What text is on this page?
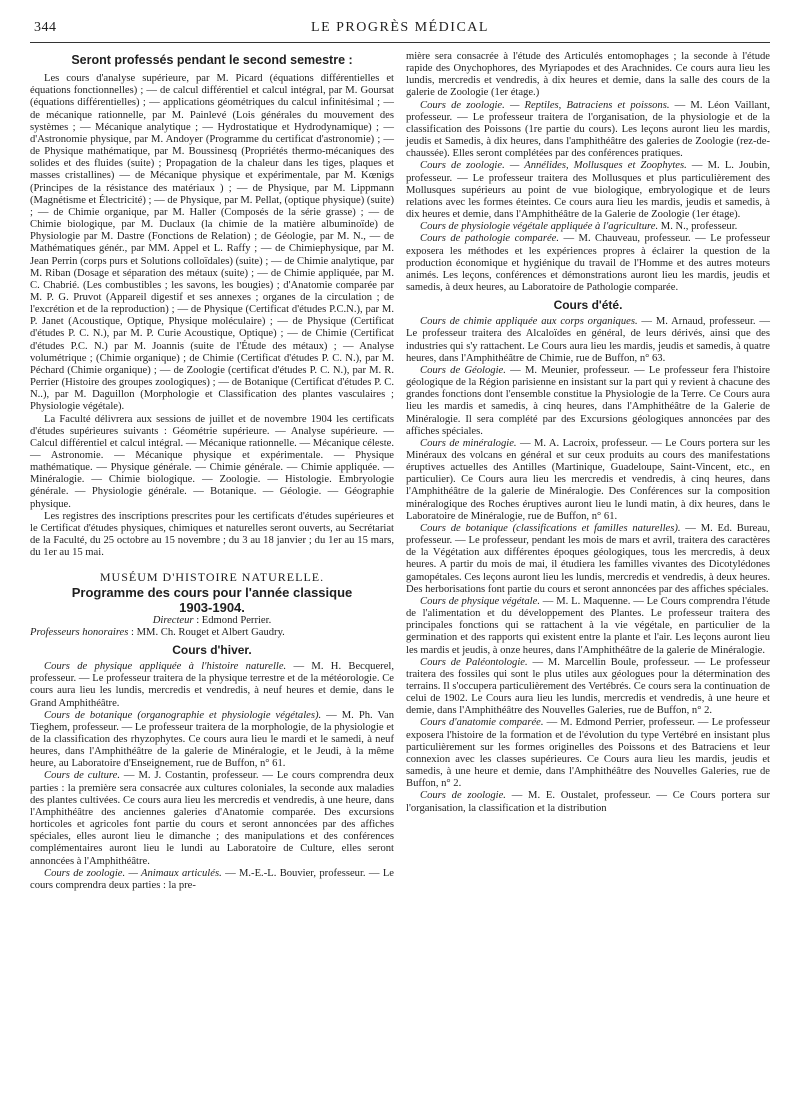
344	LE PROGRÈS MÉDICAL
Seront professés pendant le second semestre :

Les cours d'analyse supérieure, par M. Picard (équations différentielles et équations fonctionnelles) ; — de calcul différentiel et calcul intégral, par M. Goursat (équations différentielles) ; — applications géométriques du calcul infinitésimal ; — de mécanique rationnelle, par M. Painlevé (Lois générales du mouvement des systèmes ; — Mécanique analytique ; — Hydrostatique et Hydrodynamique) ; — d'Astronomie physique, par M. Andoyer (Programme du certificat d'astronomie) ; — de Physique mathématique, par M. Boussinesq (Propriétés thermo-mécaniques des solides et des fluides (suite) ; Propagation de la chaleur dans les tiges, plaques et masses cristallines) — de Mécanique physique et expérimentale, par M. Kœnigs (Principes de la résistance des matériaux ) ; — de Physique, par M. Lippmann (Magnétisme et Électricité) ; — de Physique, par M. Pellat, (optique physique) (suite) ; — de Chimie organique, par M. Haller (Composés de la série grasse) ; — de Chimie biologique, par M. Duclaux (la chimie de la matière albuminoïde) de Physiologie par M. Dastre (Fonctions de Relation) ; de Géologie, par M. N., — de Mathématiques génér., par MM. Appel et L. Raffy ; — de Chimiephysique, par M. Jean Perrin (corps purs et Solutions colloïdales) (suite) ; — de Chimie analytique, par M. Riban (Dosage et séparation des métaux (suite) ; — de Chimie appliquée, par M. C. Chabrié. (Les combustibles ; les savons, les bougies) ; d'Anatomie comparée par M. P. G. Pruvot (Appareil digestif et ses annexes ; organes de la circulation ; de l'excrétion et de la reproduction) ; — de Physique (Certificat d'études P.C.N.), par M. P. Janet (Acoustique, Optique, Physique moléculaire) ; — de Physique (Certificat d'études P. C. N.), par M. P. Curie Acoustique, Optique) ; — de Chimie (Certificat d'études P.C. N.) par M. Joannis (suite de l'Étude des métaux) ; — Analyse volumétrique ; (Chimie organique) ; de Chimie (Certificat d'études P. C. N.), par M. Péchard (Chimie organique) ; — de Zoologie (certificat d'études P. C. N.), par M. R. Perrier (Histoire des groupes zoologiques) ; — de Botanique (Certificat d'études P. C. N..), par M. Daguillon (Morphologie et Classification des plantes vasculaires ; Physiologie végétale).

La Faculté délivrera aux sessions de juillet et de novembre 1904 les certificats d'études supérieures suivants : Géométrie supérieure. — Analyse supérieure. — Calcul différentiel et calcul intégral. — Mécanique rationnelle. — Mécanique céleste. — Astronomie. — Mécanique physique et expérimentale. — Physique mathématique. — Physique générale. — Chimie générale. — Chimie appliquée. — Minéralogie. — Chimie biologique. — Zoologie. — Histologie. Embryologie générale. — Physiologie générale. — Botanique. — Géologie. — Géographie physique.

Les registres des inscriptions prescrites pour les certificats d'études supérieures et le Certificat d'études physiques, chimiques et naturelles seront ouverts, au Secrétariat de la Faculté, du 25 octobre au 15 novembre ; du 3 au 18 janvier ; du 1er au 15 mars, du 1er au 15 mai.

MUSÉUM D'HISTOIRE NATURELLE.
Programme des cours pour l'année classique
1903-1904.

Directeur : Edmond Perrier.

Professeurs honoraires : MM. Ch. Rouget et Albert Gaudry.

Cours d'hiver.

Cours de physique appliquée à l'histoire naturelle. — M. H. Becquerel, professeur. — Le professeur traitera de la physique terrestre et de la météorologie. Ce cours aura lieu les lundis, mercredis et vendredis, à neuf heures et demie, dans le Grand Amphithéâtre.

Cours de botanique (organographie et physiologie végétales). — M. Ph. Van Tieghem, professeur. — Le professeur traitera de la morphologie, de la physiologie et de la classification des rhyzophytes. Ce cours aura lieu le mardi et le samedi, à neuf heures, dans l'Amphithéâtre de la galerie de Minéralogie, et le Jeudi, à la même heure, au Laboratoire d'Enseignement, rue de Buffon, n° 61.

Cours de culture. — M. J. Costantin, professeur. — Le cours comprendra deux parties : la première sera consacrée aux cultures coloniales, la seconde aux maladies des plantes cultivées. Ce cours aura lieu les mercredis et vendredis, à une heure, dans l'Amphithéâtre des anciennes galeries d'Anatomie comparée. Des excursions horticoles et agricoles font partie du cours et seront annoncées par des affiches spéciales, elles auront lieu le dimanche ; des manipulations et des conférences complémentaires auront lieu le lundi au Laboratoire de Culture, elles seront annoncées à l'Amphithéâtre.

Cours de zoologie. — Animaux articulés. — M.-E.-L. Bouvier, professeur. — Le cours comprendra deux parties : la pre-

mière sera consacrée à l'étude des Articulés entomophages ; la seconde à l'étude rapide des Onychophores, des Myriapodes et des Arachnides. Ce cours aura lieu les lundis, mercredis et vendredis, à dix heures et demie, dans la salle des cours de la galerie de Zoologie (1er étage.)

Cours de zoologie. — Reptiles, Batraciens et poissons. — M. Léon Vaillant, professeur. — Le professeur traitera de l'organisation, de la physiologie et de la classification des Poissons (1re partie du cours). Les leçons auront lieu les mardis, jeudis et Samedis, à dix heures, dans l'amphithéâtre des galeries de Zoologie (rez-de-chaussée). Elles seront complétées par des conférences pratiques.

Cours de zoologie. — Annélides, Mollusques et Zoophytes. — M. L. Joubin, professeur. — Le professeur traitera des Mollusques et plus particulièrement des Mollusques supérieurs au point de vue biologique, embryologique et de leurs relations avec les formes éteintes. Ce cours aura lieu les mardis, jeudis et samedis, à dix heures et demie, dans l'Amphithéâtre de la Galerie de Zoologie (1er étage).

Cours de physiologie végétale appliquée à l'agriculture. M. N., professeur.

Cours de pathologie comparée. — M. Chauveau, professeur. — Le professeur exposera les méthodes et les expériences propres à éclairer la question de la production économique et hygiénique du travail de l'Homme et des autres moteurs animés. Les leçons, conférences et démonstrations auront lieu les mardis, jeudis et samedis, à deux heures, au Laboratoire de Pathologie comparée.

Cours d'été.

Cours de chimie appliquée aux corps organiques. — M. Arnaud, professeur. — Le professeur traitera des Alcaloïdes en général, de leurs dérivés, ainsi que des industries qui s'y rattachent. Le Cours aura lieu les mardis, jeudis et samedis, à quatre heures, dans l'Amphithéâtre de Chimie, rue de Buffon, n° 63.

Cours de Géologie. — M. Meunier, professeur. — Le professeur fera l'histoire géologique de la Région parisienne en insistant sur la part qui y revient à chacune des grandes fonctions dont l'ensemble constitue la Physiologie de la Terre. Ce Cours aura lieu les mardis et samedis, à cinq heures, dans l'Amphithéâtre de la Galerie de Minéralogie. Il sera complété par des Excursions géologiques annoncées par des affiches spéciales.

Cours de minéralogie. — M. A. Lacroix, professeur. — Le Cours portera sur les Minéraux des volcans en général et sur ceux produits au cours des manifestations éruptives actuelles des Antilles (Martinique, Guadeloupe, Saint-Vincent, etc., en particulier). Ce Cours aura lieu les mercredis et vendredis, à cinq heures, dans l'Amphithéâtre de la galerie de Minéralogie. Des Conférences sur la composition minéralogique des Roches éruptives auront lieu le lundi matin, à dix heures, dans le Laboratoire de Minéralogie, rue de Buffon, n° 61.

Cours de botanique (classifications et familles naturelles). — M. Ed. Bureau, professeur. — Le professeur, pendant les mois de mars et avril, traitera des caractères de la Végétation aux différentes époques géologiques, tous les mercredis, à deux heures. A partir du mois de mai, il étudiera les familles vivantes des Dicotylédones gamopétales. Ces leçons auront lieu les lundis, mercredis et vendredis, à deux heures. Des herborisations font partie du cours et seront annoncées par des affiches spéciales.

Cours de physique végétale. — M. L. Maquenne. — Le Cours comprendra l'étude de l'alimentation et du développement des Plantes. Le professeur traitera des principales fonctions qui se rattachent à la vie végétale, en particulier de la germination et des rapports qui existent entre la plante et l'air. Les leçons auront lieu les mardis et jeudis, à onze heures, dans l'Amphithéâtre de la galerie de Minéralogie.

Cours de Paléontologie. — M. Marcellin Boule, professeur. — Le professeur traitera des fossiles qui sont le plus utiles aux géologues pour la détermination des terrains. Il s'occupera particulièrement des Vertébrés. Ce cours sera la continuation de celui de 1902. Le Cours aura lieu les lundis, mercredis et vendredis, à une heure et demie, dans l'Amphithéâtre des Nouvelles Galeries, rue de Buffon, n° 2.

Cours d'anatomie comparée. — M. Edmond Perrier, professeur. — Le professeur exposera l'histoire de la formation et de l'évolution du type Vertébré en insistant plus particulièrement sur les formes originelles des Poissons et des Batraciens et leur connexion avec les classes supérieures. Ce Cours aura lieu les mardis, jeudis et samedis, à une heure et demie, dans l'Amphithéâtre des Nouvelles Galeries, rue de Buffon, n° 2.

Cours de zoologie. — M. E. Oustalet, professeur. — Ce Cours portera sur l'organisation, la classification et la distribution
